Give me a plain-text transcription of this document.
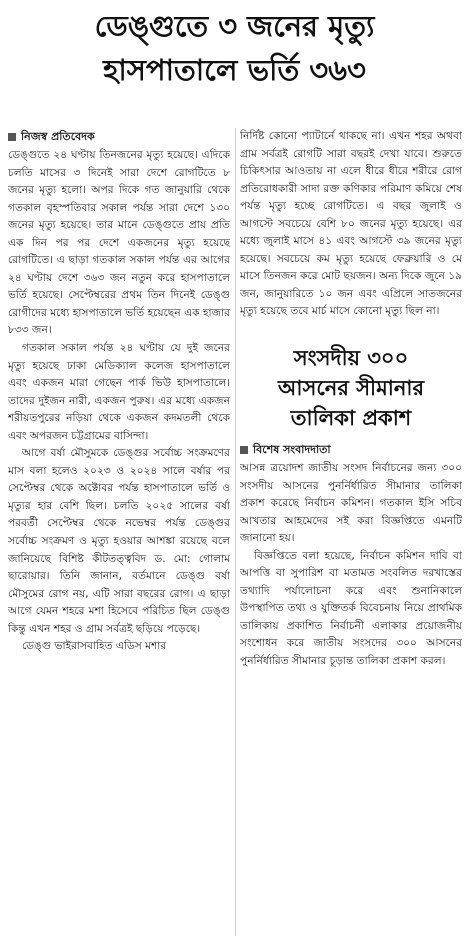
ডেঙ্গুতে ৩ জনের মৃত্যু
হাসপাতালে ভর্তি ৩৬৩
নিজস্ব প্রতিবেদক

ডেঙ্গুতে ২৪ ঘণ্টায় তিনজনের মৃত্যু হয়েছে। এদিকে চলতি মাসের ৩ দিনেই সারা দেশে রোগটিতে ৮ জনের মৃত্যু হলো। অপর দিকে গত জানুয়ারি থেকে গতকাল বৃহস্পতিবার সকাল পর্যন্ত সারা দেশে ১৩০ জনের মৃত্যু হয়েছে। তার মানে ডেঙ্গুতে প্রায় প্রতি এক দিন পর পর দেশে একজনের মৃত্যু হয়েছে রোগটিতে। এ ছাড়া গতকাল সকাল পর্যন্ত এর আগের ২৪ ঘণ্টায় দেশে ৩৬৩ জন নতুন করে হাসপাতালে ভর্তি হয়েছে। সেপ্টেম্বরের প্রথম তিন দিনেই ডেঙ্গু রোগীদের মধ্যে হাসপাতালে ভর্তি হয়েছেন এক হাজার ৮৩৩ জন।

গতকাল সকাল পর্যন্ত ২৪ ঘণ্টায় যে দুই জনের মৃত্যু হয়েছে ঢাকা মেডিক্যাল কলেজ হাসপাতালে এবং একজন মারা গেছেন পার্ক ভিউ হাসপাতালে। তাদের দুইজন নারী, একজন পুরুষ। এর মধ্যে একজন শরীয়তপুরের নড়িয়া থেকে একজন কদমতলী থেকে এবং অপরজন চট্টগ্রামের বাসিন্দা।

আগে বর্ষা মৌসুমকে ডেঙ্গুর সর্বোচ্চ সংক্রমণের মাস বলা হলেও ২০২৩ ও ২০২৪ সালে বর্ষার পর সেপ্টেম্বর থেকে অক্টোবর পর্যন্ত হাসপাতালে ভর্তি ও মৃত্যুর হার বেশি ছিল। চলতি ২০২৫ সালের বর্ষা পরবর্তী সেপ্টেম্বর থেকে নভেম্বর পর্যন্ত ডেঙ্গুর সর্বোচ্চ সংক্রমণ ও মৃত্যু হওয়ার আশঙ্কা রয়েছে বলে জানিয়েছে বিশিষ্ট কীটতত্ত্ববিদ ড. মো: গোলাম ছারোয়ার। তিনি জানান, বর্তমানে ডেঙ্গু বর্ষা মৌসুমের রোগ নয়, এটি সারা বছরের রোগ। এ ছাড়া আগে যেমন শহরে মশা হিসেবে পরিচিত ছিল ডেঙ্গু কিন্তু এখন শহর ও গ্রাম সর্বত্রই ছড়িয়ে পড়েছে।

ডেঙ্গু ভাইরাসবাহিত এডিস মশার

নির্দিষ্ট কোনো প্যাটার্নে থাকছে না। এখন শহর অথবা গ্রাম সর্বত্রই রোগটি সারা বছরই দেখা যাবে। শুরুতে চিকিৎসার আওতায় না এলে ধীরে ধীরে শরীরে রোগ প্রতিরোধকারী সাদা রক্ত কণিকার পরিমাণ কমিয়ে শেষ পর্যন্ত মৃত্যু হচ্ছে রোগটিতে। এ বছর জুলাই ও আগস্টে সবচেয়ে বেশি ৮০ জনের মৃত্যু হয়েছে। এর মধ্যে জুলাই মাসে ৪১ এবং আগস্টে ৩৯ জনের মৃত্যু হয়েছে। সবচেয়ে কম মৃত্যু হয়েছে ফেব্রুয়ারি ও মে মাসে তিনজন করে মোট ছয়জন। অন্য দিকে জুনে ১৯ জন, জানুয়ারিতে ১০ জন এবং এপ্রিলে সাতজনের মৃত্যু হয়েছে তবে মার্চ মাসে কোনো মৃত্যু ছিল না।

সংসদীয় ৩০০
আসনের সীমানার
তালিকা প্রকাশ
বিশেষ সংবাদদাতা

আসন্ন ত্রয়োদশ জাতীয় সংসদ নির্বাচনের জন্য ৩০০ সংসদীয় আসনের পুনর্নির্ধারিত সীমানার তালিকা প্রকাশ করেছে নির্বাচন কমিশন। গতকাল ইসি সচিব আখতার আহমেদের সই করা বিজ্ঞপ্তিতে এমনটি জানানো হয়।

বিজ্ঞপ্তিতে বলা হয়েছে, নির্বাচন কমিশন দাবি বা আপত্তি বা সুপারিশ বা মতামত সংবলিত দরখাস্তের তথ্যাদি পর্যালোচনা করে এবং শুনানিকালে উপস্থাপিত তথ্য ও যুক্তিতর্ক বিবেচনায় নিয়ে প্রাথমিক তালিকায় প্রকাশিত নির্বাচনী এলাকার প্রয়োজনীয় সংশোধন করে জাতীয় সংসদের ৩০০ আসনের পুনর্নির্ধারিত সীমানার চূড়ান্ত তালিকা প্রকাশ করল।
